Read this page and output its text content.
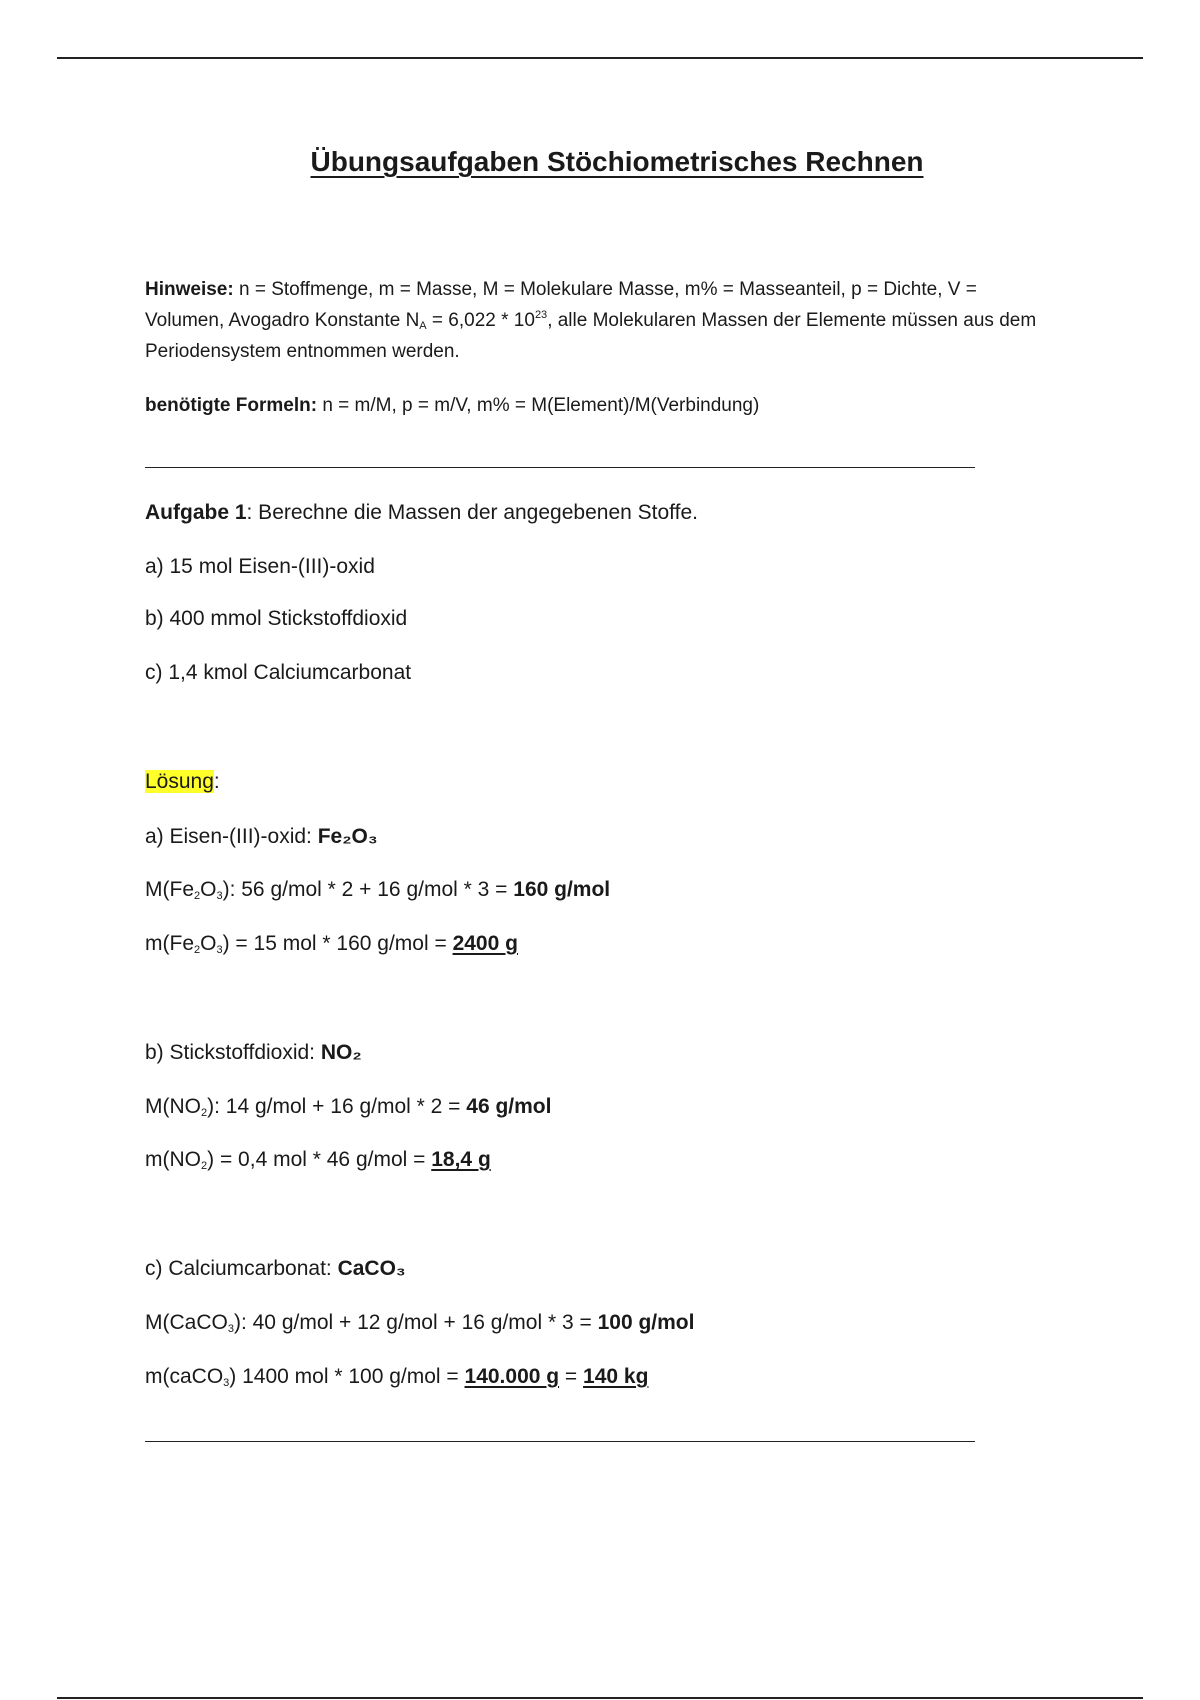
Übungsaufgaben Stöchiometrisches Rechnen
Hinweise: n = Stoffmenge, m = Masse, M = Molekulare Masse, m% = Masseanteil, p = Dichte, V = Volumen, Avogadro Konstante $N_A = 6,022 * 10^{23}$, alle Molekularen Massen der Elemente müssen aus dem Periodensystem entnommen werden.
benötigte Formeln: n = m/M, p = m/V, m% = M(Element)/M(Verbindung)
Aufgabe 1: Berechne die Massen der angegebenen Stoffe.
a) 15 mol Eisen-(III)-oxid
b) 400 mmol Stickstoffdioxid
c) 1,4 kmol Calciumcarbonat
Lösung:
a) Eisen-(III)-oxid: Fe₂O₃
$M(Fe_2O_3)$: 56 g/mol * 2 + 16 g/mol * 3 = 160 g/mol
$m(Fe_2O_3) = 15$ mol * 160 g/mol = 2400 g
b) Stickstoffdioxid: NO₂
$M(NO_2)$: 14 g/mol + 16 g/mol * 2 = 46 g/mol
$m(NO_2) = 0,4$ mol * 46 g/mol = 18,4 g
c) Calciumcarbonat: CaCO₃
M(CaCO$_3$): 40 g/mol + 12 g/mol + 16 g/mol * 3 = 100 g/mol
m(caCO$_3$) 1400 mol * 100 g/mol = 140.000 g = 140 kg
